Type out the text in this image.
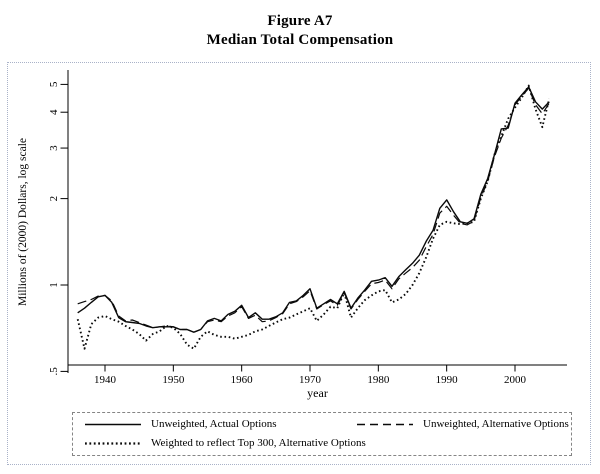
Figure A7
Median Total Compensation
5
4
3
2
1
.5
1940	1950	1960	1970	1980	1990	2000
year
Millions of (2000) Dollars, log scale
Unweighted, Actual Options	Unweighted, Alternative Options
Weighted to reflect Top 300, Alternative Options
